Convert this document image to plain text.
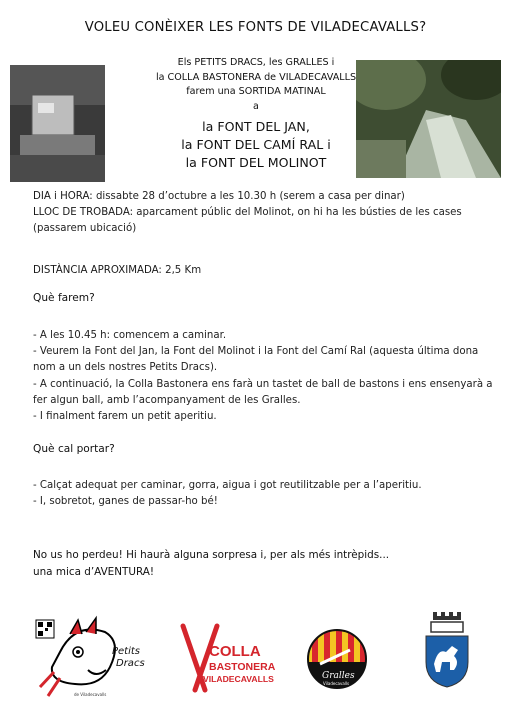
VOLEU CONÈIXER LES FONTS DE VILADECAVALLS?
Els PETITS DRACS, les GRALLES i
la COLLA BASTONERA de VILADECAVALLS
farem una SORTIDA MATINAL
a
la FONT DEL JAN,
la FONT DEL CAMÍ RAL i
la FONT DEL MOLINOT
DIA i HORA: dissabte 28 d’octubre a les 10.30 h (serem a casa per dinar)
LLOC DE TROBADA: aparcament públic del Molinot, on hi ha les bústies de les cases (passarem ubicació)
DISTÀNCIA APROXIMADA: 2,5 Km
Què farem?
- A les 10.45 h: comencem a caminar.
- Veurem la Font del Jan, la Font del Molinot i la Font del Camí Ral (aquesta última dona nom a un dels nostres Petits Dracs).
- A continuació, la Colla Bastonera ens farà un tastet de ball de bastons i ens ensenyarà a fer algun ball, amb l’acompanyament de les Gralles.
- I finalment farem un petit aperitiu.
Què cal portar?
- Calçat adequat per caminar, gorra, aigua i got reutilitzable per a l’aperitiu.
- I, sobretot, ganes de passar-ho bé!
No us ho perdeu! Hi haurà alguna sorpresa i, per als més intrèpids...
una mica d’AVENTURA!
Petits
Dracs
de Viladecavalls
COLLA
BASTONERA
VILADECAVALLS	Gralles
Viladecavalls
